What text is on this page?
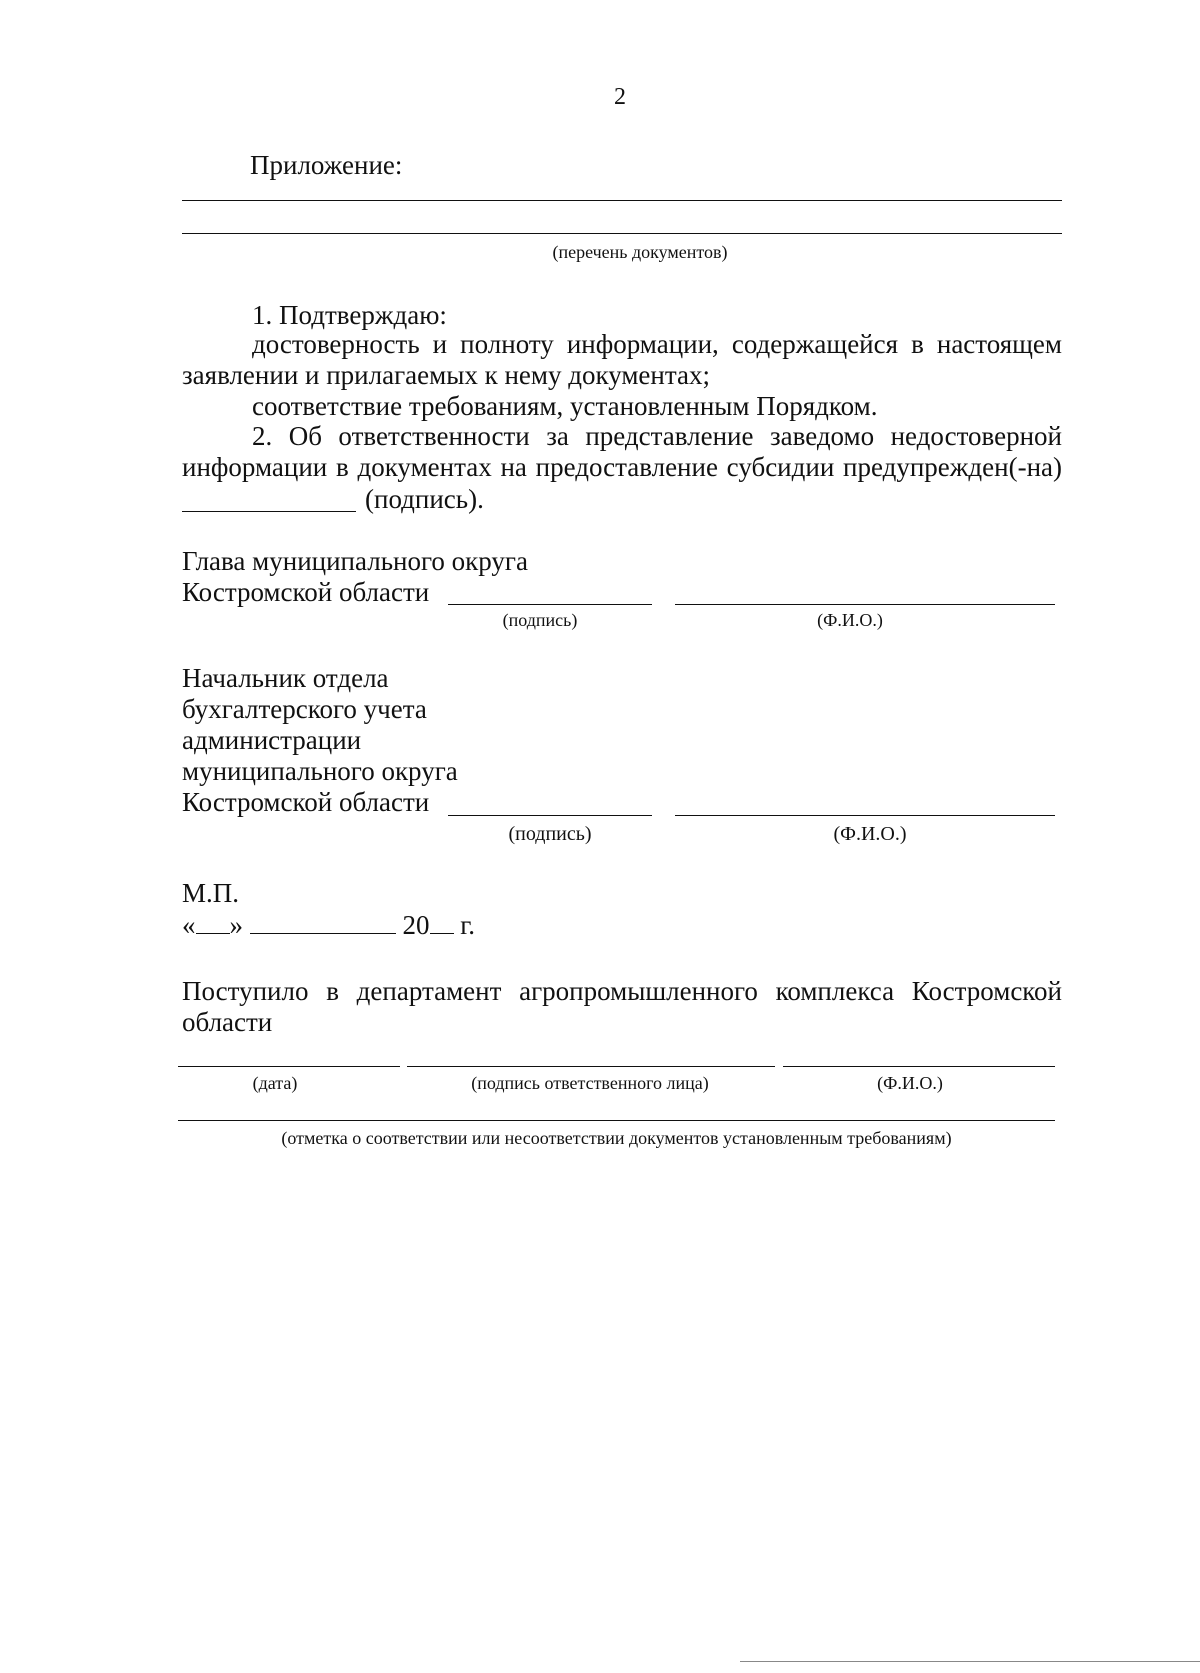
2
Приложение:
(перечень документов)
1. Подтверждаю:
достоверность и полноту информации, содержащейся в настоящем
заявлении и прилагаемых к нему документах;
соответствие требованиям, установленным Порядком.
2. Об ответственности за представление заведомо недостоверной
информации в документах на предоставление субсидии предупрежден(-на)
(подпись).
Глава муниципального округа
Костромской области
(подпись)	(Ф.И.О.)
Начальник отдела
бухгалтерского учета
администрации
муниципального округа
Костромской области
(подпись)	(Ф.И.О.)
М.П.
« »	20 г.
Поступило в департамент агропромышленного комплекса Костромской
области
(дата)	(подпись ответственного лица)	(Ф.И.О.)
(отметка о соответствии или несоответствии документов установленным требованиям)
